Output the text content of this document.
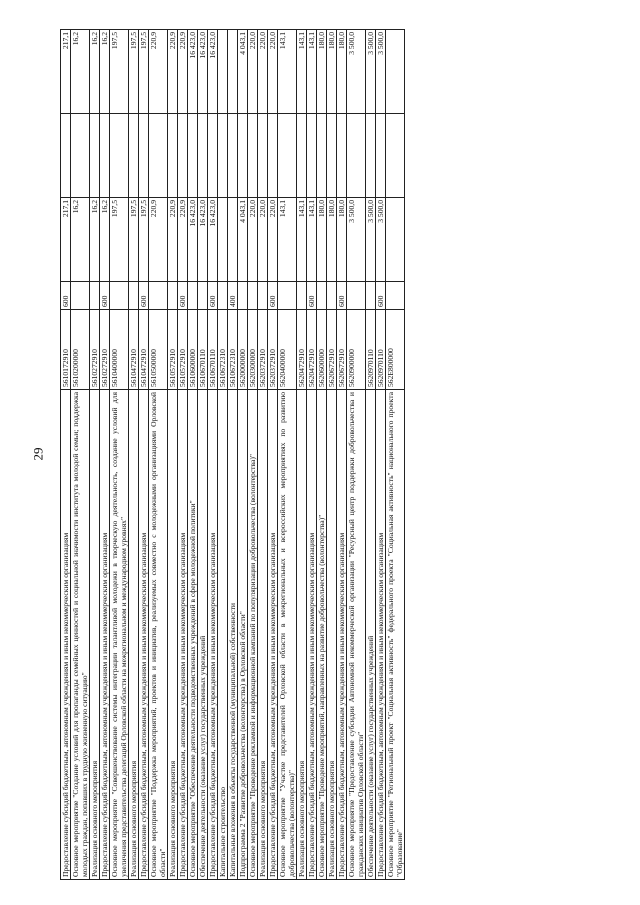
29
Предоставление субсидий бюджетным, автономным учреждениям и иным некоммерческим организациям	5610172910	600	217,1		217,1
Основное мероприятие "Создание условий для пропаганды семейных ценностей и социальной значимости института молодой семьи; поддержка молодых граждан, попавших в трудную жизненную ситуацию"	5610200000		16,2		16,2
Реализация основного мероприятия	5610272910		16,2		16,2
Предоставление субсидий бюджетным, автономным учреждениям и иным некоммерческим организациям	5610272910	600	16,2		16,2
Основное мероприятие "Совершенствование системы интеграции талантливой молодежи в творческую деятельность, создание условий для увеличения представительства делегаций Орловской области на межрегиональном и международном уровнях"	5610400000		197,5		197,5
Реализация основного мероприятия	5610472910		197,5		197,5
Предоставление субсидий бюджетным, автономным учреждениям и иным некоммерческим организациям	5610472910	600	197,5		197,5
Основное мероприятие "Поддержка мероприятий, проектов и инициатив, реализуемых совместно с молодежными организациями Орловской области"	5610500000		220,9		220,9
Реализация основного мероприятия	5610572910		220,9		220,9
Предоставление субсидий бюджетным, автономным учреждениям и иным некоммерческим организациям	5610572910	600	220,9		220,9
Основное мероприятие "Обеспечение деятельности подведомственных учреждений в сфере молодежной политики"	5610600000		16 423,0		16 423,0
Обеспечение деятельности (оказание услуг) государственных учреждений	5610670110		16 423,0		16 423,0
Предоставление субсидий бюджетным, автономным учреждениям и иным некоммерческим организациям	5610670110	600	16 423,0		16 423,0
Капитальное строительство	5610672310				
Капитальные вложения в объекты государственной (муниципальной) собственности	5610672310	400			
Подпрограмма 2 "Развитие добровольчества (волонтерства) в Орловской области"	5620000000		4 043,1		4 043,1
Основное мероприятие "Проведение рекламной и информационной кампаний по популяризации добровольчества (волонтерства)"	5620300000		220,0		220,0
Реализация основного мероприятия	5620372910		220,0		220,0
Предоставление субсидий бюджетным, автономным учреждениям и иным некоммерческим организациям	5620372910	600	220,0		220,0
Основное мероприятие "Участие представителей Орловской области в межрегиональных и всероссийских мероприятиях по развитию добровольчества (волонтерства)"	5620400000		143,1		143,1
Реализация основного мероприятия	5620472910		143,1		143,1
Предоставление субсидий бюджетным, автономным учреждениям и иным некоммерческим организациям	5620472910	600	143,1		143,1
Основное мероприятие "Проведение мероприятий, направленных на развитие добровольчества (волонтерства)"	5620600000		180,0		180,0
Реализация основного мероприятия	5620672910		180,0		180,0
Предоставление субсидий бюджетным, автономным учреждениям и иным некоммерческим организациям	5620672910	600	180,0		180,0
Основное мероприятие "Предоставление субсидии Автономной некоммерческой организации "Ресурсный центр поддержки добровольчества и гражданских инициатив Орловской области"	5620900000		3 500,0		3 500,0
Обеспечение деятельности (оказание услуг) государственных учреждений	5620970110		3 500,0		3 500,0
Предоставление субсидий бюджетным, автономным учреждениям и иным некоммерческим организациям	5620970110	600	3 500,0		3 500,0
Основное мероприятие "Региональный проект "Социальная активность" федерального проекта "Социальная активность" национального проекта "Образование"	562E800000				
